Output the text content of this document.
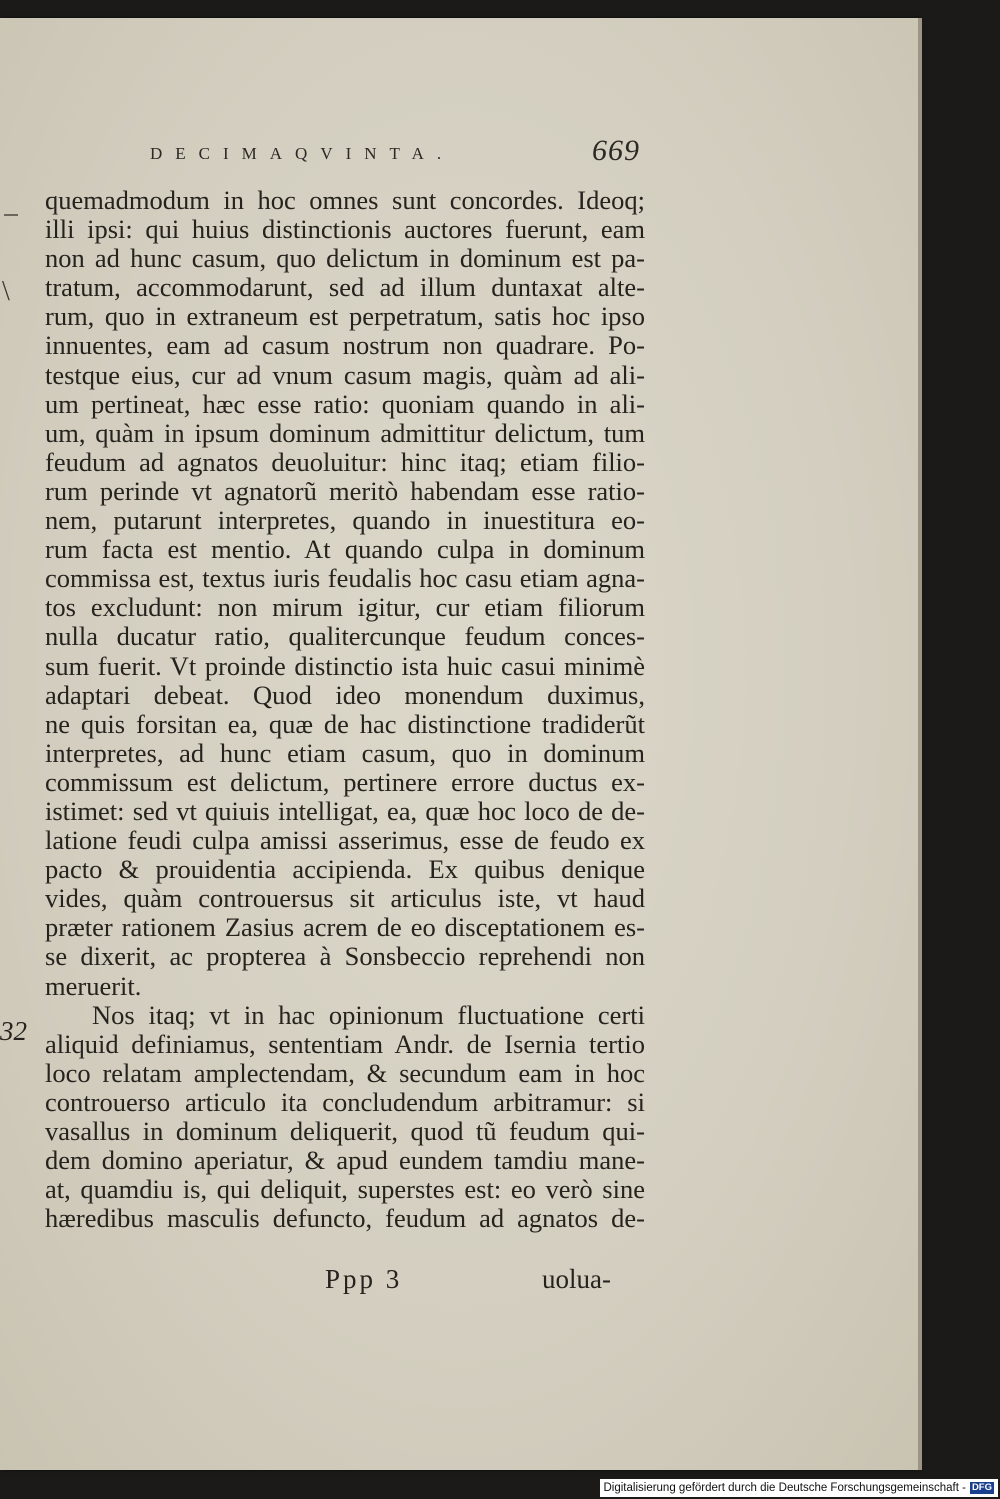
DECIMAQVINTA.	669
\
32
quemadmodum in hoc omnes sunt concordes. Ideoq;
illi ipsi: qui huius distinctionis auctores fuerunt, eam
non ad hunc casum, quo delictum in dominum est pa-
tratum, accommodarunt, sed ad illum duntaxat alte-
rum, quo in extraneum est perpetratum, satis hoc ipso
innuentes, eam ad casum nostrum non quadrare. Po-
testque eius, cur ad vnum casum magis, quàm ad ali-
um pertineat, hæc esse ratio: quoniam quando in ali-
um, quàm in ipsum dominum admittitur delictum, tum
feudum ad agnatos deuoluitur: hinc itaq; etiam filio-
rum perinde vt agnatorũ meritò habendam esse ratio-
nem, putarunt interpretes, quando in inuestitura eo-
rum facta est mentio. At quando culpa in dominum
commissa est, textus iuris feudalis hoc casu etiam agna-
tos excludunt: non mirum igitur, cur etiam filiorum
nulla ducatur ratio, qualitercunque feudum conces-
sum fuerit. Vt proinde distinctio ista huic casui minimè
adaptari debeat. Quod ideo monendum duximus,
ne quis forsitan ea, quæ de hac distinctione tradiderũt
interpretes, ad hunc etiam casum, quo in dominum
commissum est delictum, pertinere errore ductus ex-
istimet: sed vt quiuis intelligat, ea, quæ hoc loco de de-
latione feudi culpa amissi asserimus, esse de feudo ex
pacto & prouidentia accipienda. Ex quibus denique
vides, quàm controuersus sit articulus iste, vt haud
præter rationem Zasius acrem de eo disceptationem es-
se dixerit, ac propterea à Sonsbeccio reprehendi non
meruerit.
Nos itaq; vt in hac opinionum fluctuatione certi
aliquid definiamus, sententiam Andr. de Isernia tertio
loco relatam amplectendam, & secundum eam in hoc
controuerso articulo ita concludendum arbitramur: si
vasallus in dominum deliquerit, quod tũ feudum qui-
dem domino aperiatur, & apud eundem tamdiu mane-
at, quamdiu is, qui deliquit, superstes est: eo verò sine
hæredibus masculis defuncto, feudum ad agnatos de-
Ppp 3	uolua-
Digitalisierung gefördert durch die Deutsche Forschungsgemeinschaft - DFG
